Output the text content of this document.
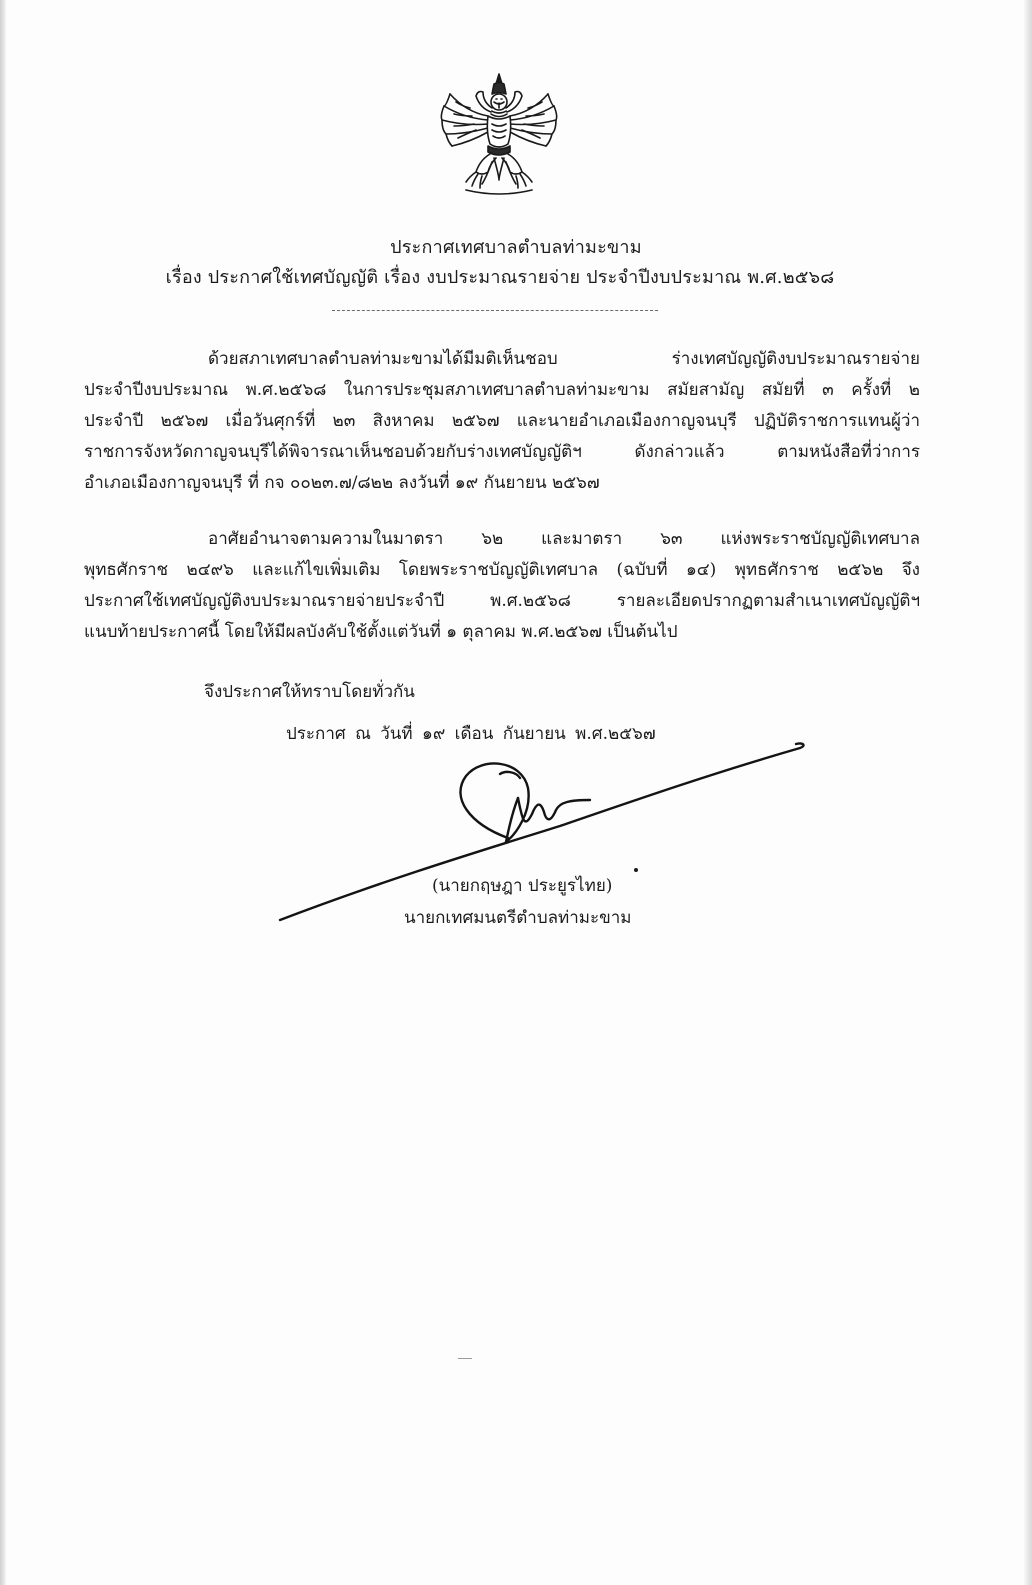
ประกาศเทศบาลตำบลท่ามะขาม
เรื่อง ประกาศใช้เทศบัญญัติ เรื่อง งบประมาณรายจ่าย ประจำปีงบประมาณ พ.ศ.๒๕๖๘
ด้วยสภาเทศบาลตำบลท่ามะขามได้มีมติเห็นชอบ ร่างเทศบัญญัติงบประมาณรายจ่าย
ประจำปีงบประมาณ พ.ศ.๒๕๖๘ ในการประชุมสภาเทศบาลตำบลท่ามะขาม สมัยสามัญ สมัยที่ ๓ ครั้งที่ ๒
ประจำปี ๒๕๖๗ เมื่อวันศุกร์ที่ ๒๓ สิงหาคม ๒๕๖๗ และนายอำเภอเมืองกาญจนบุรี ปฏิบัติราชการแทนผู้ว่า
ราชการจังหวัดกาญจนบุรีได้พิจารณาเห็นชอบด้วยกับร่างเทศบัญญัติฯ ดังกล่าวแล้ว ตามหนังสือที่ว่าการ
อำเภอเมืองกาญจนบุรี ที่ กจ ๐๐๒๓.๗/๘๒๒ ลงวันที่ ๑๙ กันยายน ๒๕๖๗
อาศัยอำนาจตามความในมาตรา ๖๒ และมาตรา ๖๓ แห่งพระราชบัญญัติเทศบาล
พุทธศักราช ๒๔๙๖ และแก้ไขเพิ่มเติม โดยพระราชบัญญัติเทศบาล (ฉบับที่ ๑๔) พุทธศักราช ๒๕๖๒ จึง
ประกาศใช้เทศบัญญัติงบประมาณรายจ่ายประจำปี พ.ศ.๒๕๖๘ รายละเอียดปรากฏตามสำเนาเทศบัญญัติฯ
แนบท้ายประกาศนี้ โดยให้มีผลบังคับใช้ตั้งแต่วันที่ ๑ ตุลาคม พ.ศ.๒๕๖๗ เป็นต้นไป
จึงประกาศให้ทราบโดยทั่วกัน
ประกาศ ณ วันที่ ๑๙ เดือน กันยายน พ.ศ.๒๕๖๗
(นายกฤษฎา ประยูรไทย)
นายกเทศมนตรีตำบลท่ามะขาม
